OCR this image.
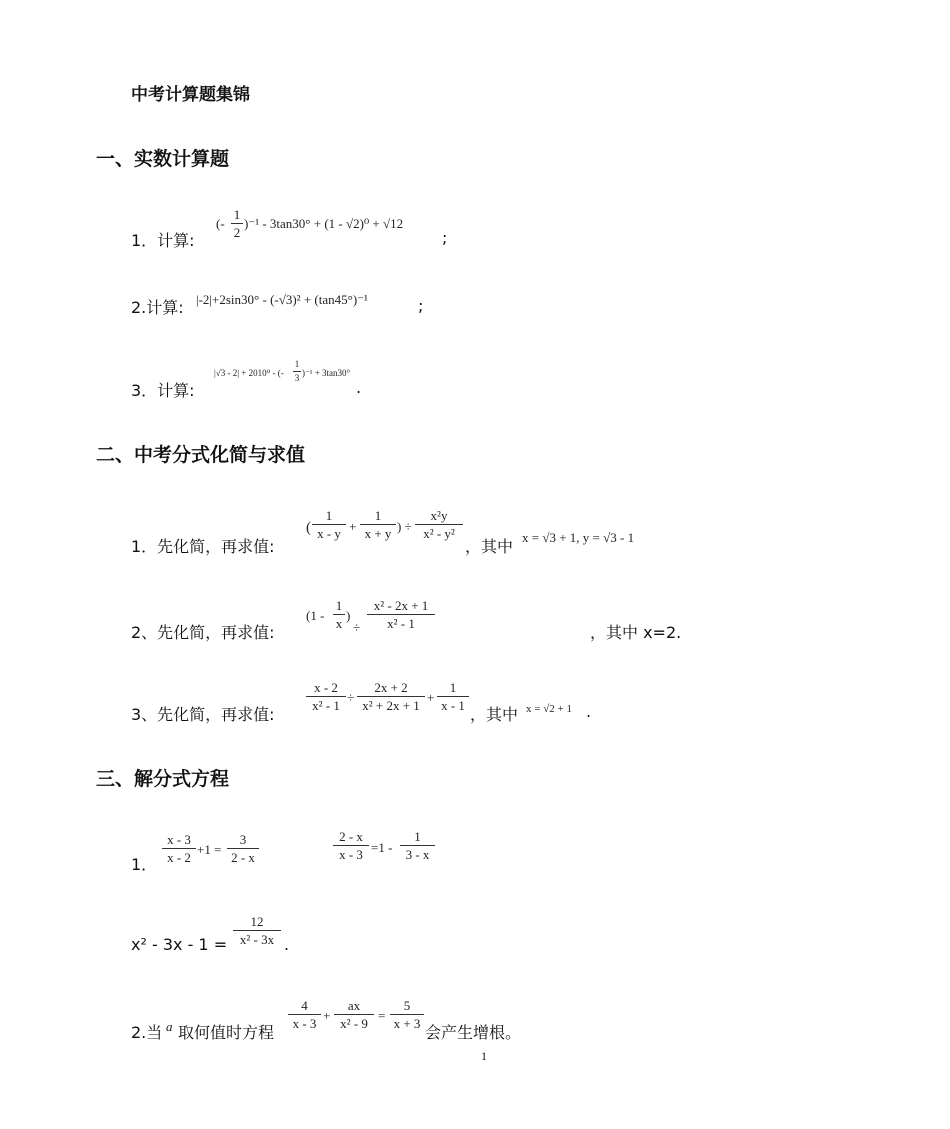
中考计算题集锦
一、实数计算题
1．计算:
(-
1
2
)⁻¹ - 3tan30° + (1 - √2)⁰ + √12
;
2.计算: |-2|+2sin30° - (-√3)² + (tan45°)⁻¹	;
3．计算:
|√3 - 2| + 2010⁰ - (-
1
3 )⁻¹ + 3tan30°
.
二、中考分式化简与求值
1．先化简，再求值:
(
1
x - y +
1
x + y ) ÷
x²y
x² - y²
，其中 x = √3 + 1, y = √3 - 1
2、先化简，再求值:
(1 -
1
x
)
÷
x² - 2x + 1
x² - 1	，其中 x=2.
3、先化简，再求值:
x - 2
x² - 1
÷
2x + 2
x² + 2x + 1
+
1
x - 1 ，其中 x = √2 + 1 .
三、解分式方程
1．
x - 3
x - 2
+1 =
3
2 - x
2 - x
x - 3 =1 -
1
3 - x
x² - 3x - 1 =
12
x² - 3x .
2.当 a 取何值时方程
4
x - 3
+
ax
x² - 9
=
5
x + 3 会产生增根。
1
